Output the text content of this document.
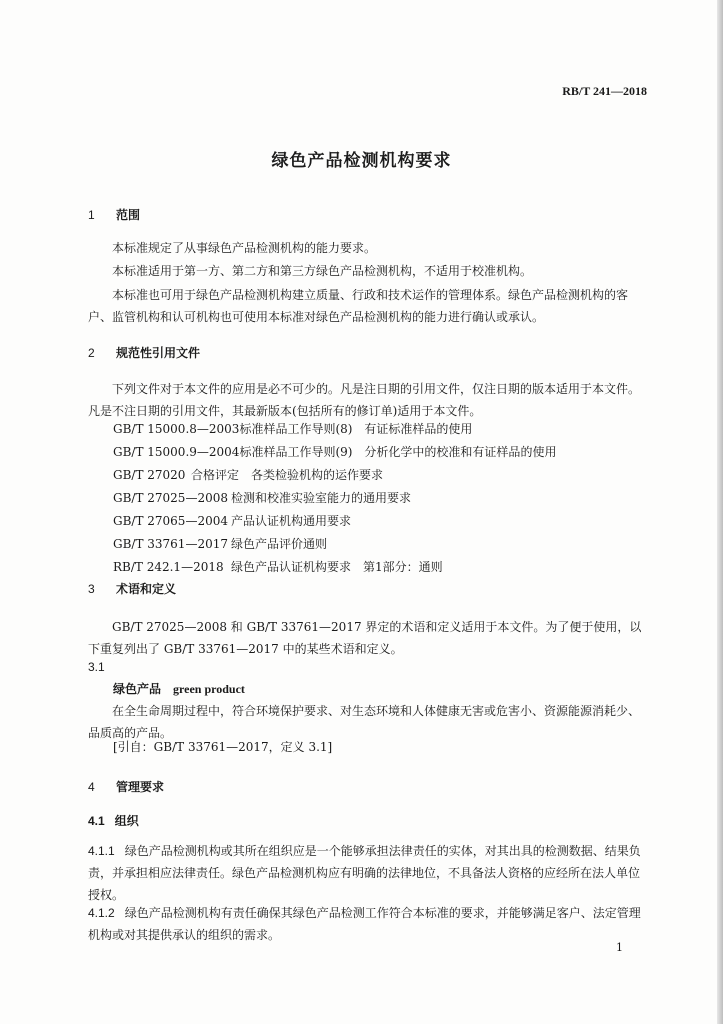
RB/T 241—2018
绿色产品检测机构要求
1 范围
本标准规定了从事绿色产品检测机构的能力要求。
本标准适用于第一方、第二方和第三方绿色产品检测机构，不适用于校准机构。
本标准也可用于绿色产品检测机构建立质量、行政和技术运作的管理体系。绿色产品检测机构的客户、监管机构和认可机构也可使用本标准对绿色产品检测机构的能力进行确认或承认。
2 规范性引用文件
下列文件对于本文件的应用是必不可少的。凡是注日期的引用文件，仅注日期的版本适用于本文件。凡是不注日期的引用文件，其最新版本(包括所有的修订单)适用于本文件。
GB/T 15000.8—2003标准样品工作导则(8)　有证标准样品的使用
GB/T 15000.9—2004标准样品工作导则(9)　分析化学中的校准和有证样品的使用
GB/T 27020 合格评定　各类检验机构的运作要求
GB/T 27025—2008 检测和校准实验室能力的通用要求
GB/T 27065—2004 产品认证机构通用要求
GB/T 33761—2017 绿色产品评价通则
RB/T 242.1—2018 绿色产品认证机构要求　第1部分：通则
3 术语和定义
GB/T 27025—2008 和 GB/T 33761—2017 界定的术语和定义适用于本文件。为了便于使用，以下重复列出了 GB/T 33761—2017 中的某些术语和定义。
3.1
绿色产品 green product
在全生命周期过程中，符合环境保护要求、对生态环境和人体健康无害或危害小、资源能源消耗少、品质高的产品。
[引自：GB/T 33761—2017，定义 3.1]
4 管理要求
4.1 组织
4.1.1 绿色产品检测机构或其所在组织应是一个能够承担法律责任的实体，对其出具的检测数据、结果负责，并承担相应法律责任。绿色产品检测机构应有明确的法律地位，不具备法人资格的应经所在法人单位授权。
4.1.2 绿色产品检测机构有责任确保其绿色产品检测工作符合本标准的要求，并能够满足客户、法定管理机构或对其提供承认的组织的需求。
1
